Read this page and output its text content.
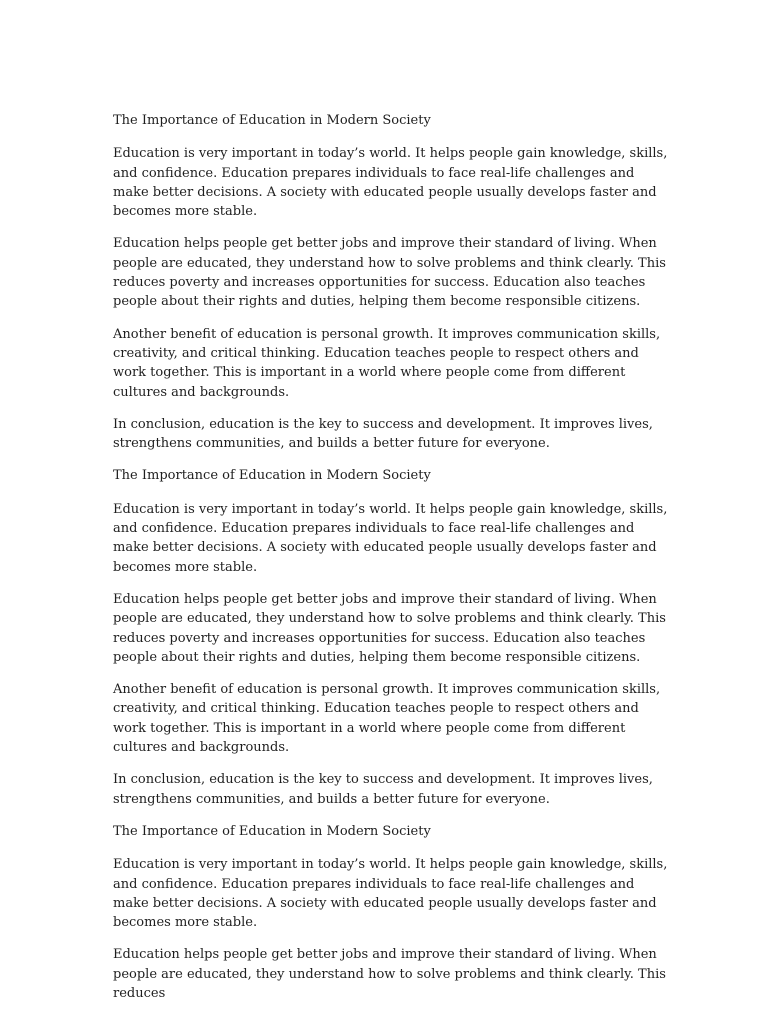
The Importance of Education in Modern Society

Education is very important in today’s world. It helps people gain knowledge, skills, and confidence. Education prepares individuals to face real-life challenges and make better decisions. A society with educated people usually develops faster and becomes more stable.

Education helps people get better jobs and improve their standard of living. When people are educated, they understand how to solve problems and think clearly. This reduces poverty and increases opportunities for success. Education also teaches people about their rights and duties, helping them become responsible citizens.

Another benefit of education is personal growth. It improves communication skills, creativity, and critical thinking. Education teaches people to respect others and work together. This is important in a world where people come from different cultures and backgrounds.

In conclusion, education is the key to success and development. It improves lives, strengthens communities, and builds a better future for everyone.

The Importance of Education in Modern Society

Education is very important in today’s world. It helps people gain knowledge, skills, and confidence. Education prepares individuals to face real-life challenges and make better decisions. A society with educated people usually develops faster and becomes more stable.

Education helps people get better jobs and improve their standard of living. When people are educated, they understand how to solve problems and think clearly. This reduces poverty and increases opportunities for success. Education also teaches people about their rights and duties, helping them become responsible citizens.

Another benefit of education is personal growth. It improves communication skills, creativity, and critical thinking. Education teaches people to respect others and work together. This is important in a world where people come from different cultures and backgrounds.

In conclusion, education is the key to success and development. It improves lives, strengthens communities, and builds a better future for everyone.

The Importance of Education in Modern Society

Education is very important in today’s world. It helps people gain knowledge, skills, and confidence. Education prepares individuals to face real-life challenges and make better decisions. A society with educated people usually develops faster and becomes more stable.

Education helps people get better jobs and improve their standard of living. When people are educated, they understand how to solve problems and think clearly. This reduces
